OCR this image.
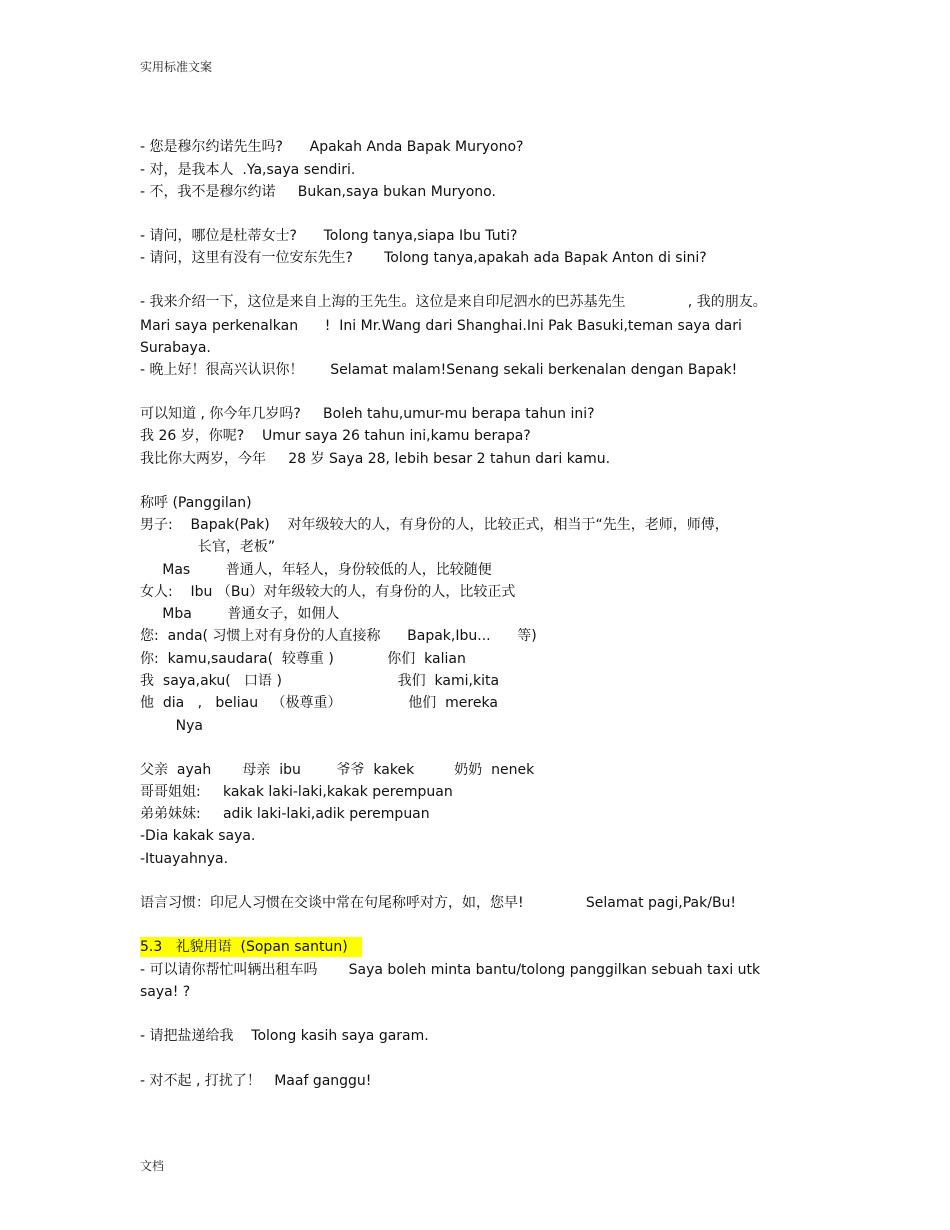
实用标准文案
- 您是穆尔约诺先生吗?      Apakah Anda Bapak Muryono?
- 对，是我本人  .Ya,saya sendiri.
- 不，我不是穆尔约诺     Bukan,saya bukan Muryono.
- 请问，哪位是杜蒂女士?      Tolong tanya,siapa Ibu Tuti?
- 请问，这里有没有一位安东先生?       Tolong tanya,apakah ada Bapak Anton di sini?
- 我来介绍一下，这位是来自上海的王先生。这位是来自印尼泗水的巴苏基先生              , 我的朋友。
Mari saya perkenalkan      !  Ini Mr.Wang dari Shanghai.Ini Pak Basuki,teman saya dari
Surabaya.
- 晚上好！很高兴认识你！      Selamat malam!Senang sekali berkenalan dengan Bapak!
可以知道 , 你今年几岁吗?     Boleh tahu,umur-mu berapa tahun ini?
我 26 岁，你呢?    Umur saya 26 tahun ini,kamu berapa?
我比你大两岁，今年     28 岁 Saya 28, lebih besar 2 tahun dari kamu.
称呼 (Panggilan)
男子:    Bapak(Pak)    对年级较大的人，有身份的人，比较正式，相当于“先生，老师，师傅，
长官，老板”
Mas        普通人，年轻人，身份较低的人，比较随便
女人:    Ibu （Bu）对年级较大的人，有身份的人，比较正式
Mba        普通女子，如佣人
您:  anda( 习惯上对有身份的人直接称      Bapak,Ibu...      等)
你:  kamu,saudara(  较尊重 )            你们  kalian
我  saya,aku(   口语 )                          我们  kami,kita
他  dia   ,   beliau   （极尊重）               他们  mereka
Nya
父亲  ayah       母亲  ibu        爷爷  kakek         奶奶  nenek
哥哥姐姐:     kakak laki-laki,kakak perempuan
弟弟妹妹:     adik laki-laki,adik perempuan
-Dia kakak saya.
-Ituayahnya.
语言习惯：印尼人习惯在交谈中常在句尾称呼对方，如，您早!              Selamat pagi,Pak/Bu!
5.3   礼貌用语  (Sopan santun)
- 可以请你帮忙叫辆出租车吗       Saya boleh minta bantu/tolong panggilkan sebuah taxi utk
saya! ?
- 请把盐递给我    Tolong kasih saya garam.
- 对不起 , 打扰了！   Maaf ganggu!
文档
